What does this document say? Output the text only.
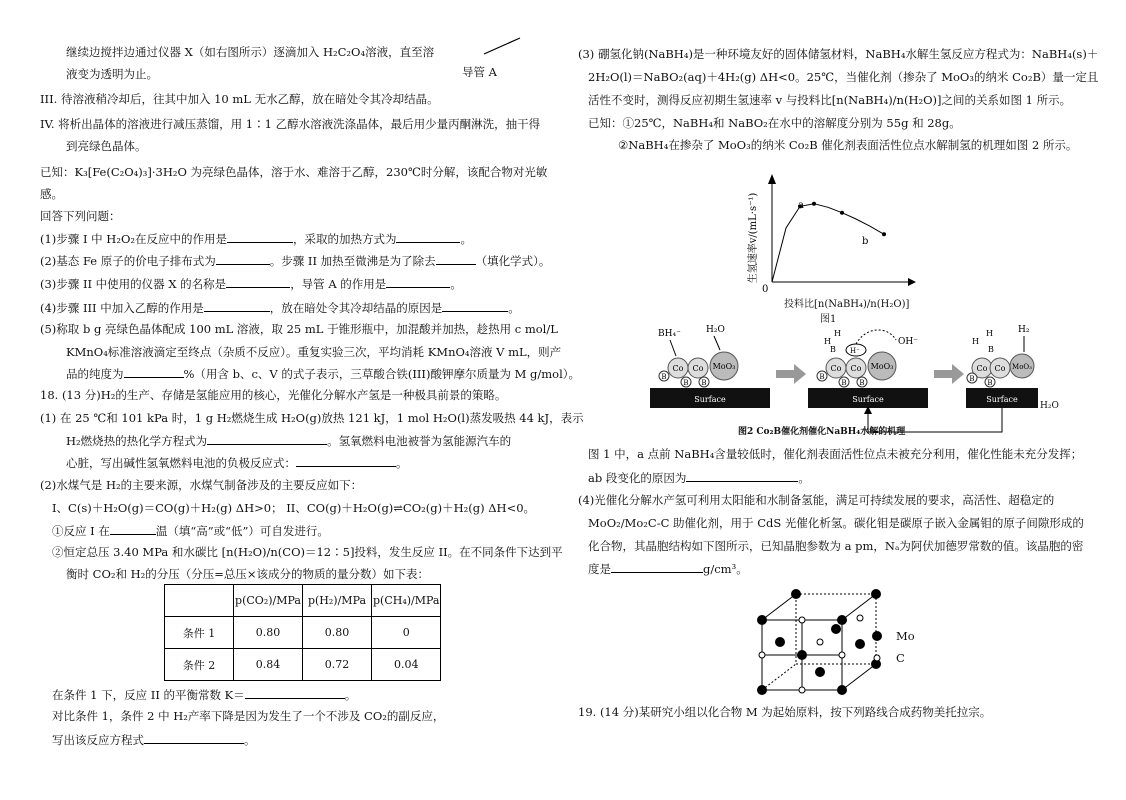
继续边搅拌边通过仪器 X（如右图所示）逐滴加入 H₂C₂O₄溶液，直至溶
导管 A
液变为透明为止。
III. 待溶液稍冷却后，往其中加入 10 mL 无水乙醇，放在暗处令其冷却结晶。
IV. 将析出晶体的溶液进行减压蒸馏，用 1∶1 乙醇水溶液洗涤晶体，最后用少量丙酮淋洗，抽干得
到亮绿色晶体。
已知：K₃[Fe(C₂O₄)₃]·3H₂O 为亮绿色晶体，溶于水、难溶于乙醇，230℃时分解，该配合物对光敏
感。
回答下列问题：
(1)步骤 I 中 H₂O₂在反应中的作用是	，采取的加热方式为	。
(2)基态 Fe 原子的价电子排布式为	。步骤 II 加热至微沸是为了除去	（填化学式）。
(3)步骤 II 中使用的仪器 X 的名称是	，导管 A 的作用是	。
(4)步骤 III 中加入乙醇的作用是	，放在暗处令其冷却结晶的原因是	。
(5)称取 b g 亮绿色晶体配成 100 mL 溶液，取 25 mL 于锥形瓶中，加混酸并加热，趁热用 c mol/L
KMnO₄标准溶液滴定至终点（杂质不反应）。重复实验三次，平均消耗 KMnO₄溶液 V mL，则产
品的纯度为	%（用含 b、c、V 的式子表示，三草酸合铁(III)酸钾摩尔质量为 M g/mol）。
18. (13 分)H₂的生产、存储是氢能应用的核心，光催化分解水产氢是一种极具前景的策略。
(1) 在 25 ℃和 101 kPa 时，1 g H₂燃烧生成 H₂O(g)放热 121 kJ，1 mol H₂O(l)蒸发吸热 44 kJ，表示
H₂燃烧热的热化学方程式为	。氢氧燃料电池被誉为氢能源汽车的
心脏，写出碱性氢氧燃料电池的负极反应式：	。
(2)水煤气是 H₂的主要来源，水煤气制备涉及的主要反应如下：
I、C(s)＋H₂O(g)＝CO(g)＋H₂(g) ΔH>0； II、CO(g)＋H₂O(g)⇌CO₂(g)＋H₂(g) ΔH<0。
①反应 I 在	温（填“高”或“低”）可自发进行。
②恒定总压 3.40 MPa 和水碳比 [n(H₂O)/n(CO)＝12∶5]投料，发生反应 II。在不同条件下达到平
衡时 CO₂和 H₂的分压（分压=总压×该成分的物质的量分数）如下表：
	p(CO₂)/MPa	p(H₂)/MPa	p(CH₄)/MPa
条件 1	0.80	0.80	0
条件 2	0.84	0.72	0.04
在条件 1 下，反应 II 的平衡常数 K＝	。
对比条件 1，条件 2 中 H₂产率下降是因为发生了一个不涉及 CO₂的副反应，
写出该反应方程式	。
(3) 硼氢化钠(NaBH₄)是一种环境友好的固体储氢材料，NaBH₄水解生氢反应方程式为：NaBH₄(s)＋
2H₂O(l)＝NaBO₂(aq)＋4H₂(g) ΔH<0。25℃，当催化剂（掺杂了 MoO₃的纳米 Co₂B）量一定且
活性不变时，测得反应初期生氢速率 v 与投料比[n(NaBH₄)/n(H₂O)]之间的关系如图 1 所示。
已知：①25℃，NaBH₄和 NaBO₂在水中的溶解度分别为 55g 和 28g。
②NaBH₄在掺杂了 MoO₃的纳米 Co₂B 催化剂表面活性位点水解制氢的机理如图 2 所示。
生氢速率v/(mL·s⁻¹)
0
a
b
投料比[n(NaBH₄)/n(H₂O)]
图1
Surface
Co Co MoO₃
B
B B
BH₄⁻	H₂O
Surface
Co Co MoO₃
B
B B
H
H
B H⁻
OH⁻
Surface
Co Co MoO₃
B B
H
H
B
H₂
H₂O
图2 Co₂B催化剂催化NaBH₄水解的机理
图 1 中，a 点前 NaBH₄含量较低时，催化剂表面活性位点未被充分利用，催化性能未充分发挥；
ab 段变化的原因为	。
(4)光催化分解水产氢可利用太阳能和水制备氢能，满足可持续发展的要求，高活性、超稳定的
MoO₂/Mo₂C-C 助催化剂，用于 CdS 光催化析氢。碳化钼是碳原子嵌入金属钼的原子间隙形成的
化合物，其晶胞结构如下图所示，已知晶胞参数为 a pm，Nₐ为阿伏加德罗常数的值。该晶胞的密
度是	g/cm³。
Mo
C
19. (14 分)某研究小组以化合物 M 为起始原料，按下列路线合成药物美托拉宗。
